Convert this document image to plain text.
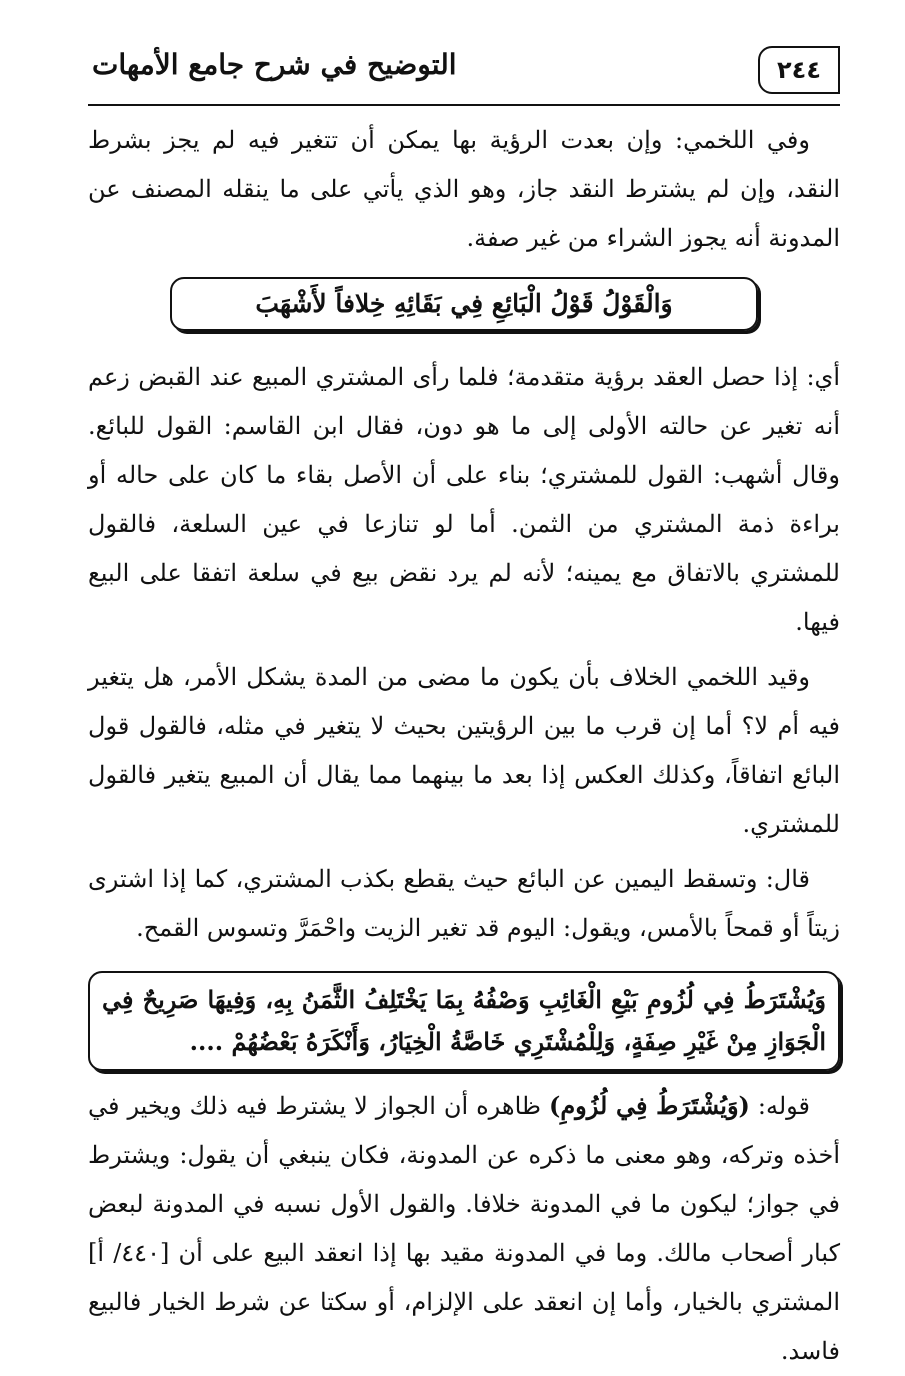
٢٤٤
التوضيح في شرح جامع الأمهات

وفي اللخمي: وإن بعدت الرؤية بها يمكن أن تتغير فيه لم يجز بشرط النقد، وإن لم يشترط النقد جاز، وهو الذي يأتي على ما ينقله المصنف عن المدونة أنه يجوز الشراء من غير صفة.

وَالْقَوْلُ قَوْلُ الْبَائِعِ فِي بَقَائِهِ خِلافاً لأَشْهَبَ

أي: إذا حصل العقد برؤية متقدمة؛ فلما رأى المشتري المبيع عند القبض زعم أنه تغير عن حالته الأولى إلى ما هو دون، فقال ابن القاسم: القول للبائع. وقال أشهب: القول للمشتري؛ بناء على أن الأصل بقاء ما كان على حاله أو براءة ذمة المشتري من الثمن. أما لو تنازعا في عين السلعة، فالقول للمشتري بالاتفاق مع يمينه؛ لأنه لم يرد نقض بيع في سلعة اتفقا على البيع فيها.

وقيد اللخمي الخلاف بأن يكون ما مضى من المدة يشكل الأمر، هل يتغير فيه أم لا؟ أما إن قرب ما بين الرؤيتين بحيث لا يتغير في مثله، فالقول قول البائع اتفاقاً، وكذلك العكس إذا بعد ما بينهما مما يقال أن المبيع يتغير فالقول للمشتري.

قال: وتسقط اليمين عن البائع حيث يقطع بكذب المشتري، كما إذا اشترى زيتاً أو قمحاً بالأمس، ويقول: اليوم قد تغير الزيت واحْمَرَّ وتسوس القمح.

وَيُشْتَرَطُ فِي لُزُومِ بَيْعِ الْغَائِبِ وَصْفُهُ بِمَا يَخْتَلِفُ الثَّمَنُ بِهِ، وَفِيهَا صَرِيحٌ فِي الْجَوَازِ مِنْ غَيْرِ صِفَةٍ، وَلِلْمُشْتَرِي خَاصَّةُ الْخِيَارُ، وَأَنْكَرَهُ بَعْضُهُمْ ....

قوله: (وَيُشْتَرَطُ فِي لُزُومِ) ظاهره أن الجواز لا يشترط فيه ذلك ويخير في أخذه وتركه، وهو معنى ما ذكره عن المدونة، فكان ينبغي أن يقول: ويشترط في جواز؛ ليكون ما في المدونة خلافا. والقول الأول نسبه في المدونة لبعض كبار أصحاب مالك. وما في المدونة مقيد بها إذا انعقد البيع على أن [٤٤٠/ أ] المشتري بالخيار، وأما إن انعقد على الإلزام، أو سكتا عن شرط الخيار فالبيع فاسد.
